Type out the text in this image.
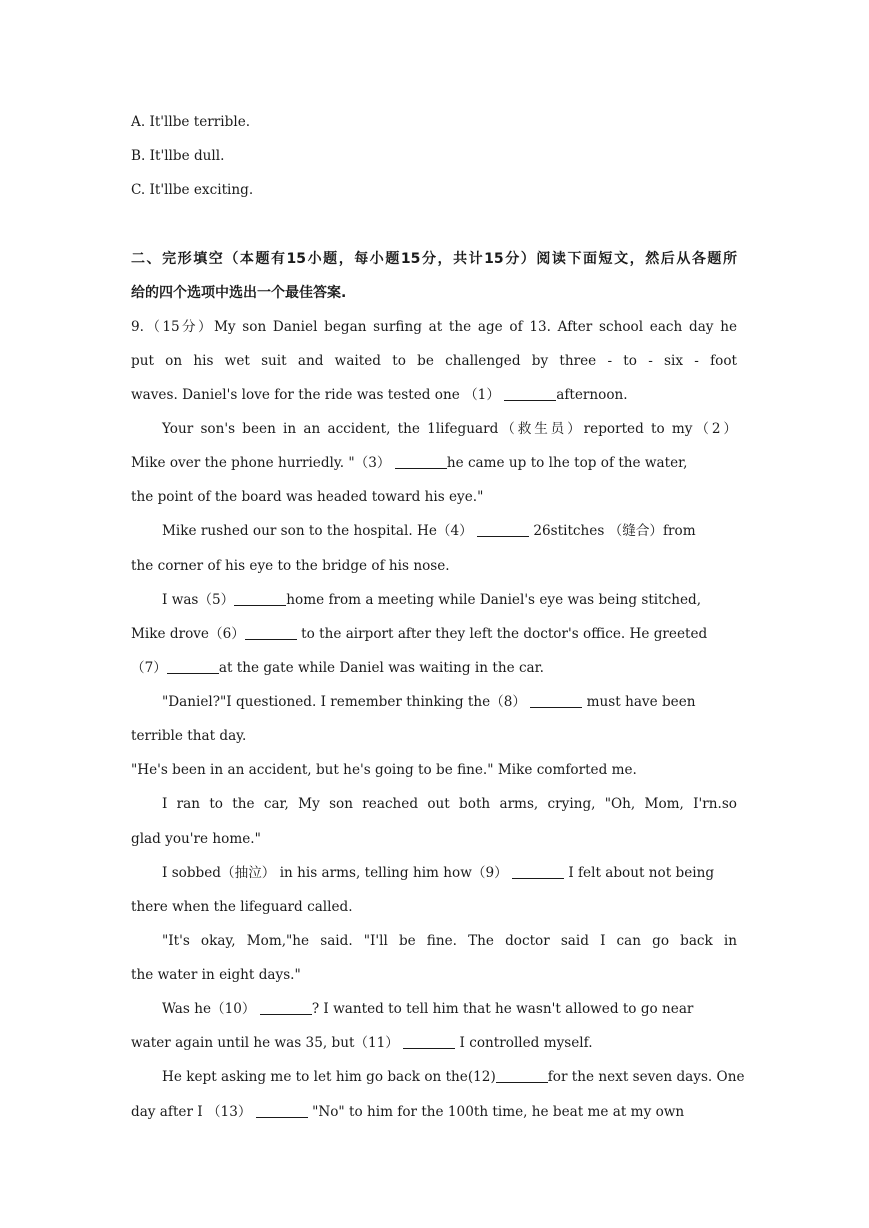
A. It'llbe terrible.
B. It'llbe dull.
C. It'llbe exciting.
二、完形填空（本题有15小题，每小题15分，共计15分）阅读下面短文，然后从各题所
给的四个选项中选出一个最佳答案.
9.（15分）My son Daniel began surfing at the age of 13. After school each day he
put on his wet suit and waited to be challenged by three - to - six - foot
waves. Daniel's love for the ride was tested one （1）	afternoon.
Your son's been in an accident, the 1lifeguard（救生员）reported to my（2）
Mike over the phone hurriedly. "（3）	he came up to lhe top of the water,
the point of the board was headed toward his eye."
Mike rushed our son to the hospital. He（4）	26stitches （缝合）from
the corner of his eye to the bridge of his nose.
I was（5）	home from a meeting while Daniel's eye was being stitched,
Mike drove（6）	to the airport after they left the doctor's office. He greeted
（7）	at the gate while Daniel was waiting in the car.
"Daniel?"I questioned. I remember thinking the（8）	must have been
terrible that day.
"He's been in an accident, but he's going to be fine." Mike comforted me.
I ran to the car, My son reached out both arms, crying, "Oh, Mom, I'rn.so
glad you're home."
I sobbed（抽泣） in his arms, telling him how（9）	I felt about not being
there when the lifeguard called.
"It's okay, Mom,"he said. "I'll be fine. The doctor said I can go back in
the water in eight days."
Was he（10）	? I wanted to tell him that he wasn't allowed to go near
water again until he was 35, but（11）	I controlled myself.
He kept asking me to let him go back on the(12)	for the next seven days. One
day after I （13）	"No" to him for the 100th time, he beat me at my own
